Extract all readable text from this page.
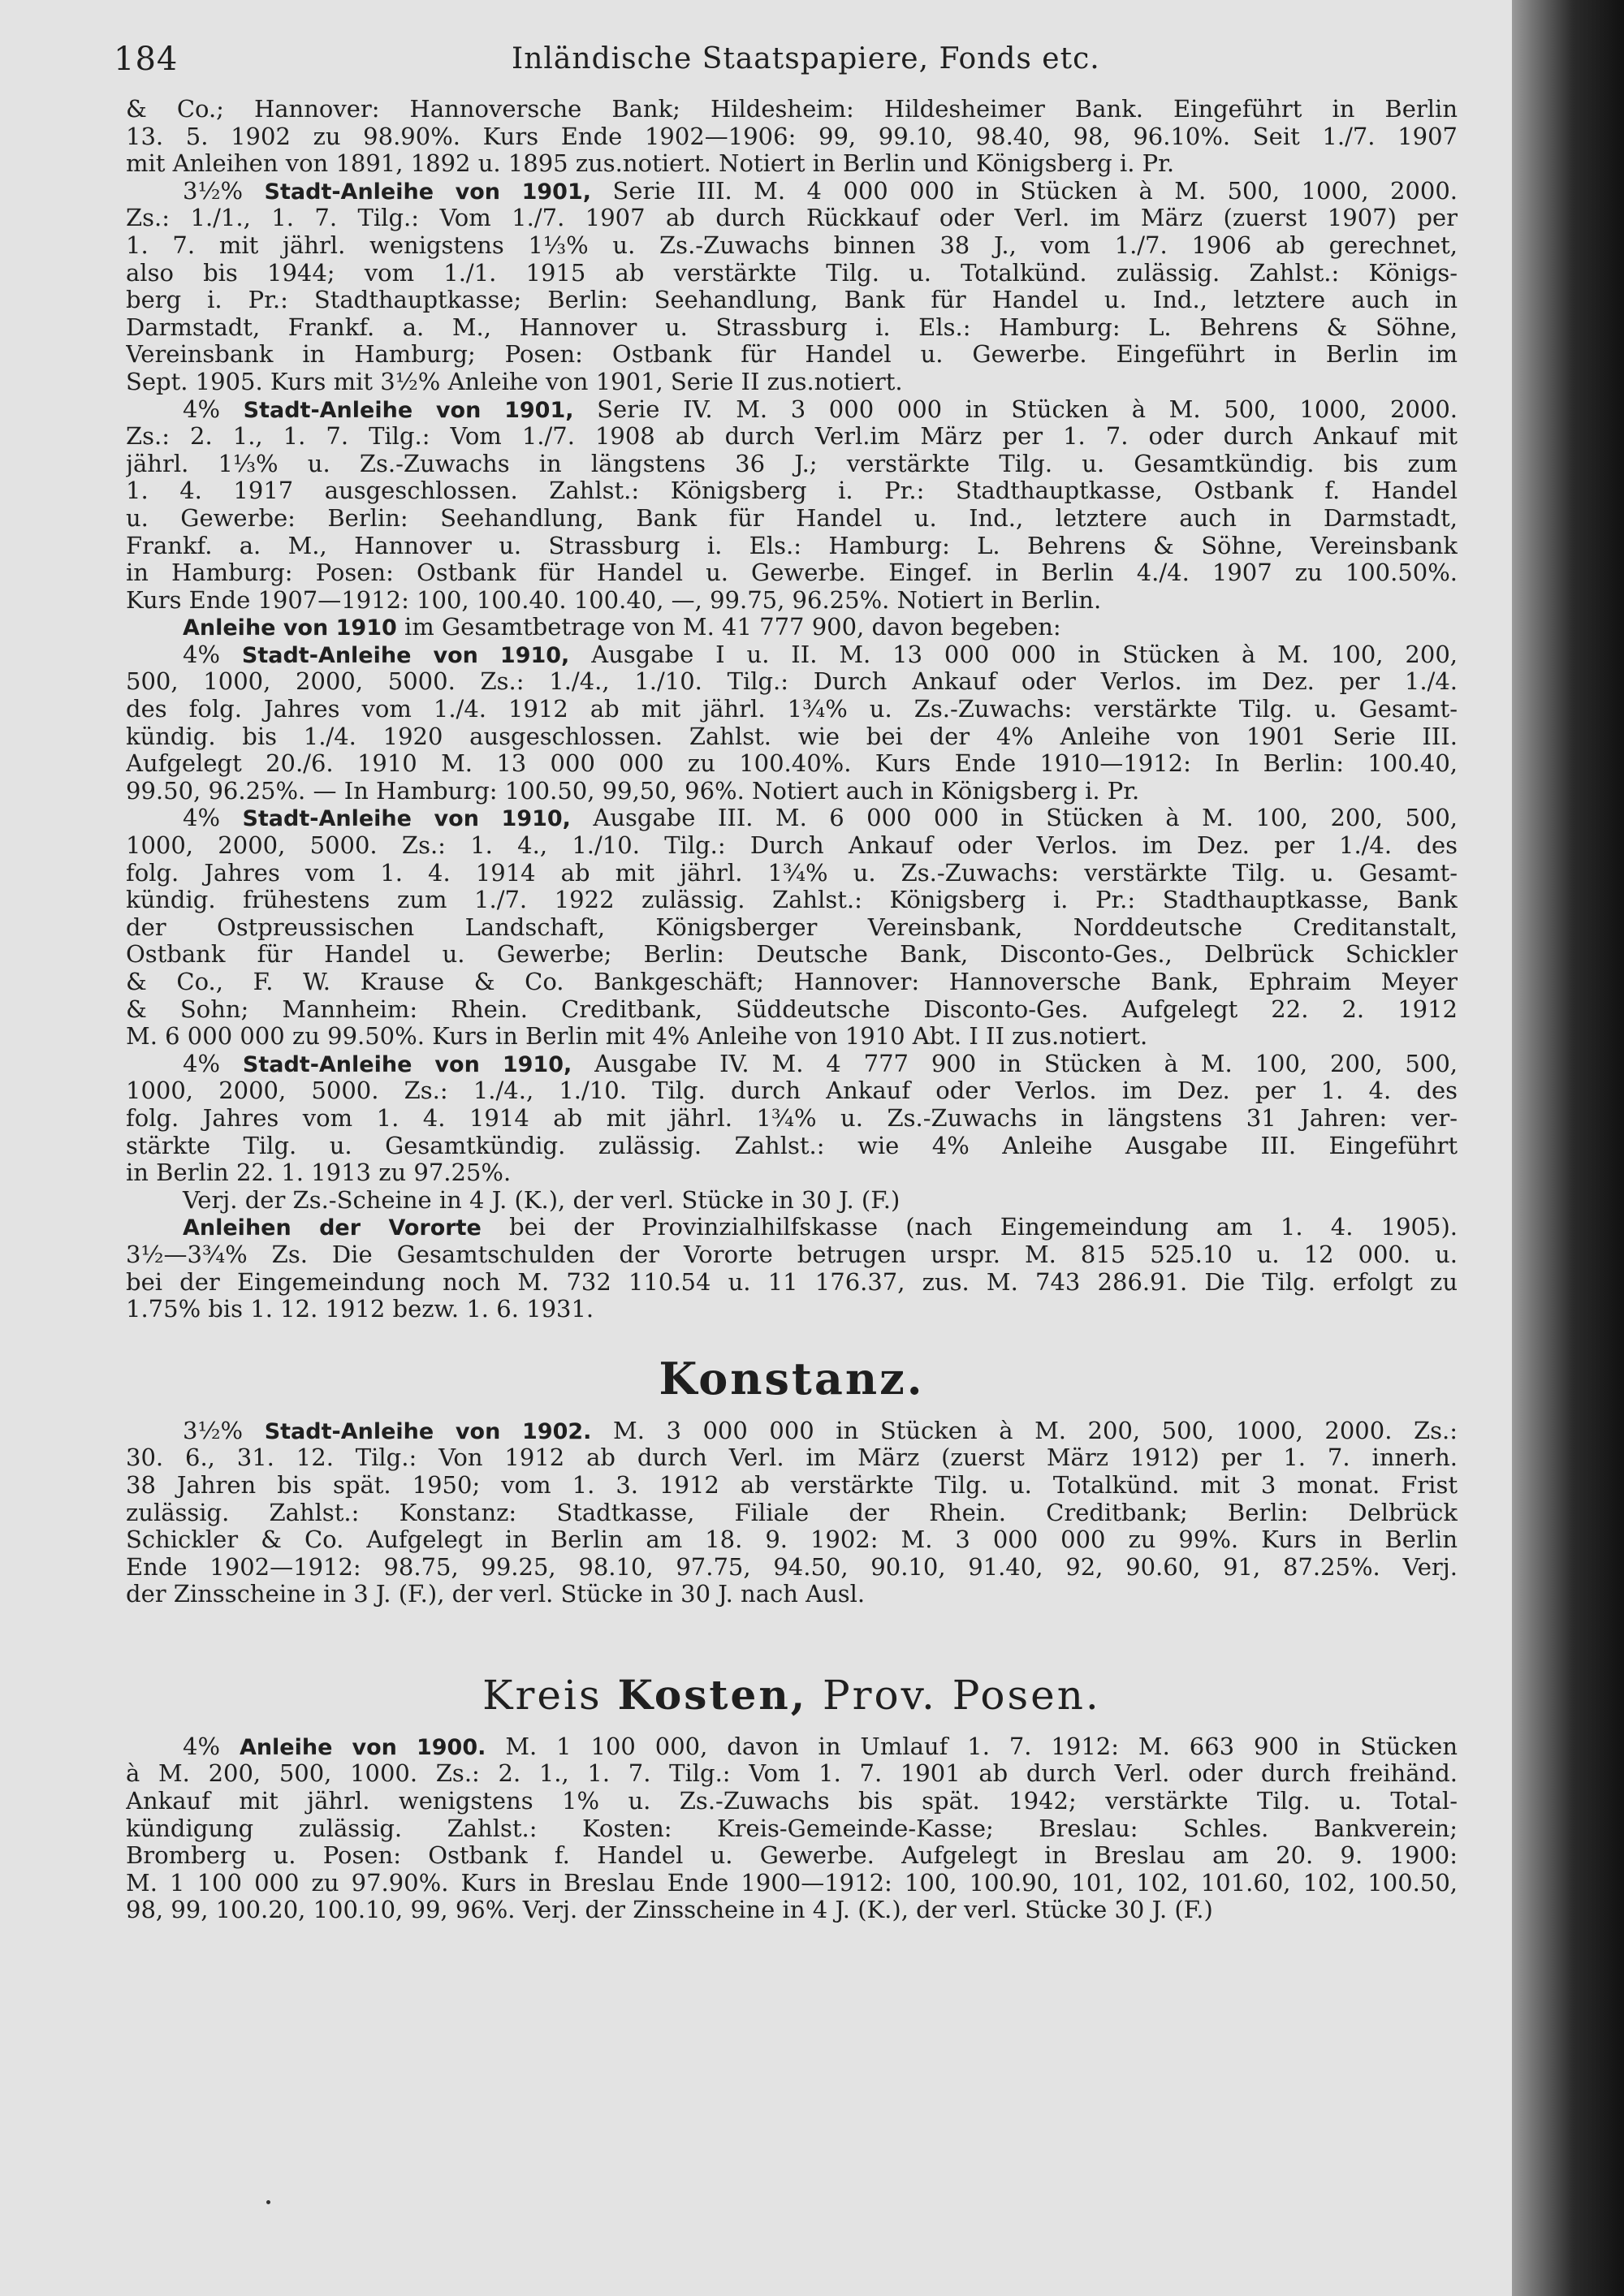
184	Inländische Staatspapiere, Fonds etc.
& Co.; Hannover: Hannoversche Bank; Hildesheim: Hildesheimer Bank. Eingeführt in Berlin
13. 5. 1902 zu 98.90%. Kurs Ende 1902—1906: 99, 99.10, 98.40, 98, 96.10%. Seit 1./7. 1907
mit Anleihen von 1891, 1892 u. 1895 zus.notiert. Notiert in Berlin und Königsberg i. Pr.
3½% Stadt-Anleihe von 1901, Serie III. M. 4 000 000 in Stücken à M. 500, 1000, 2000.
Zs.: 1./1., 1. 7. Tilg.: Vom 1./7. 1907 ab durch Rückkauf oder Verl. im März (zuerst 1907) per
1. 7. mit jährl. wenigstens 1⅓% u. Zs.-Zuwachs binnen 38 J., vom 1./7. 1906 ab gerechnet,
also bis 1944; vom 1./1. 1915 ab verstärkte Tilg. u. Totalkünd. zulässig. Zahlst.: Königs-
berg i. Pr.: Stadthauptkasse; Berlin: Seehandlung, Bank für Handel u. Ind., letztere auch in
Darmstadt, Frankf. a. M., Hannover u. Strassburg i. Els.: Hamburg: L. Behrens & Söhne,
Vereinsbank in Hamburg; Posen: Ostbank für Handel u. Gewerbe. Eingeführt in Berlin im
Sept. 1905. Kurs mit 3½% Anleihe von 1901, Serie II zus.notiert.
4% Stadt-Anleihe von 1901, Serie IV. M. 3 000 000 in Stücken à M. 500, 1000, 2000.
Zs.: 2. 1., 1. 7. Tilg.: Vom 1./7. 1908 ab durch Verl.im März per 1. 7. oder durch Ankauf mit
jährl. 1⅓% u. Zs.-Zuwachs in längstens 36 J.; verstärkte Tilg. u. Gesamtkündig. bis zum
1. 4. 1917 ausgeschlossen. Zahlst.: Königsberg i. Pr.: Stadthauptkasse, Ostbank f. Handel
u. Gewerbe: Berlin: Seehandlung, Bank für Handel u. Ind., letztere auch in Darmstadt,
Frankf. a. M., Hannover u. Strassburg i. Els.: Hamburg: L. Behrens & Söhne, Vereinsbank
in Hamburg: Posen: Ostbank für Handel u. Gewerbe. Eingef. in Berlin 4./4. 1907 zu 100.50%.
Kurs Ende 1907—1912: 100, 100.40. 100.40, —, 99.75, 96.25%. Notiert in Berlin.
Anleihe von 1910 im Gesamtbetrage von M. 41 777 900, davon begeben:
4% Stadt-Anleihe von 1910, Ausgabe I u. II. M. 13 000 000 in Stücken à M. 100, 200,
500, 1000, 2000, 5000. Zs.: 1./4., 1./10. Tilg.: Durch Ankauf oder Verlos. im Dez. per 1./4.
des folg. Jahres vom 1./4. 1912 ab mit jährl. 1¾% u. Zs.-Zuwachs: verstärkte Tilg. u. Gesamt-
kündig. bis 1./4. 1920 ausgeschlossen. Zahlst. wie bei der 4% Anleihe von 1901 Serie III.
Aufgelegt 20./6. 1910 M. 13 000 000 zu 100.40%. Kurs Ende 1910—1912: In Berlin: 100.40,
99.50, 96.25%. — In Hamburg: 100.50, 99,50, 96%. Notiert auch in Königsberg i. Pr.
4% Stadt-Anleihe von 1910, Ausgabe III. M. 6 000 000 in Stücken à M. 100, 200, 500,
1000, 2000, 5000. Zs.: 1. 4., 1./10. Tilg.: Durch Ankauf oder Verlos. im Dez. per 1./4. des
folg. Jahres vom 1. 4. 1914 ab mit jährl. 1¾% u. Zs.-Zuwachs: verstärkte Tilg. u. Gesamt-
kündig. frühestens zum 1./7. 1922 zulässig. Zahlst.: Königsberg i. Pr.: Stadthauptkasse, Bank
der Ostpreussischen Landschaft, Königsberger Vereinsbank, Norddeutsche Creditanstalt,
Ostbank für Handel u. Gewerbe; Berlin: Deutsche Bank, Disconto-Ges., Delbrück Schickler
& Co., F. W. Krause & Co. Bankgeschäft; Hannover: Hannoversche Bank, Ephraim Meyer
& Sohn; Mannheim: Rhein. Creditbank, Süddeutsche Disconto-Ges. Aufgelegt 22. 2. 1912
M. 6 000 000 zu 99.50%. Kurs in Berlin mit 4% Anleihe von 1910 Abt. I II zus.notiert.
4% Stadt-Anleihe von 1910, Ausgabe IV. M. 4 777 900 in Stücken à M. 100, 200, 500,
1000, 2000, 5000. Zs.: 1./4., 1./10. Tilg. durch Ankauf oder Verlos. im Dez. per 1. 4. des
folg. Jahres vom 1. 4. 1914 ab mit jährl. 1¾% u. Zs.-Zuwachs in längstens 31 Jahren: ver-
stärkte Tilg. u. Gesamtkündig. zulässig. Zahlst.: wie 4% Anleihe Ausgabe III. Eingeführt
in Berlin 22. 1. 1913 zu 97.25%.
Verj. der Zs.-Scheine in 4 J. (K.), der verl. Stücke in 30 J. (F.)
Anleihen der Vororte bei der Provinzialhilfskasse (nach Eingemeindung am 1. 4. 1905).
3½—3¾% Zs. Die Gesamtschulden der Vororte betrugen urspr. M. 815 525.10 u. 12 000. u.
bei der Eingemeindung noch M. 732 110.54 u. 11 176.37, zus. M. 743 286.91. Die Tilg. erfolgt zu
1.75% bis 1. 12. 1912 bezw. 1. 6. 1931.
Konstanz.
3½% Stadt-Anleihe von 1902. M. 3 000 000 in Stücken à M. 200, 500, 1000, 2000. Zs.:
30. 6., 31. 12. Tilg.: Von 1912 ab durch Verl. im März (zuerst März 1912) per 1. 7. innerh.
38 Jahren bis spät. 1950; vom 1. 3. 1912 ab verstärkte Tilg. u. Totalkünd. mit 3 monat. Frist
zulässig. Zahlst.: Konstanz: Stadtkasse, Filiale der Rhein. Creditbank; Berlin: Delbrück
Schickler & Co. Aufgelegt in Berlin am 18. 9. 1902: M. 3 000 000 zu 99%. Kurs in Berlin
Ende 1902—1912: 98.75, 99.25, 98.10, 97.75, 94.50, 90.10, 91.40, 92, 90.60, 91, 87.25%. Verj.
der Zinsscheine in 3 J. (F.), der verl. Stücke in 30 J. nach Ausl.
Kreis Kosten, Prov. Posen.
4% Anleihe von 1900. M. 1 100 000, davon in Umlauf 1. 7. 1912: M. 663 900 in Stücken
à M. 200, 500, 1000. Zs.: 2. 1., 1. 7. Tilg.: Vom 1. 7. 1901 ab durch Verl. oder durch freihänd.
Ankauf mit jährl. wenigstens 1% u. Zs.-Zuwachs bis spät. 1942; verstärkte Tilg. u. Total-
kündigung zulässig. Zahlst.: Kosten: Kreis-Gemeinde-Kasse; Breslau: Schles. Bankverein;
Bromberg u. Posen: Ostbank f. Handel u. Gewerbe. Aufgelegt in Breslau am 20. 9. 1900:
M. 1 100 000 zu 97.90%. Kurs in Breslau Ende 1900—1912: 100, 100.90, 101, 102, 101.60, 102, 100.50,
98, 99, 100.20, 100.10, 99, 96%. Verj. der Zinsscheine in 4 J. (K.), der verl. Stücke 30 J. (F.)
